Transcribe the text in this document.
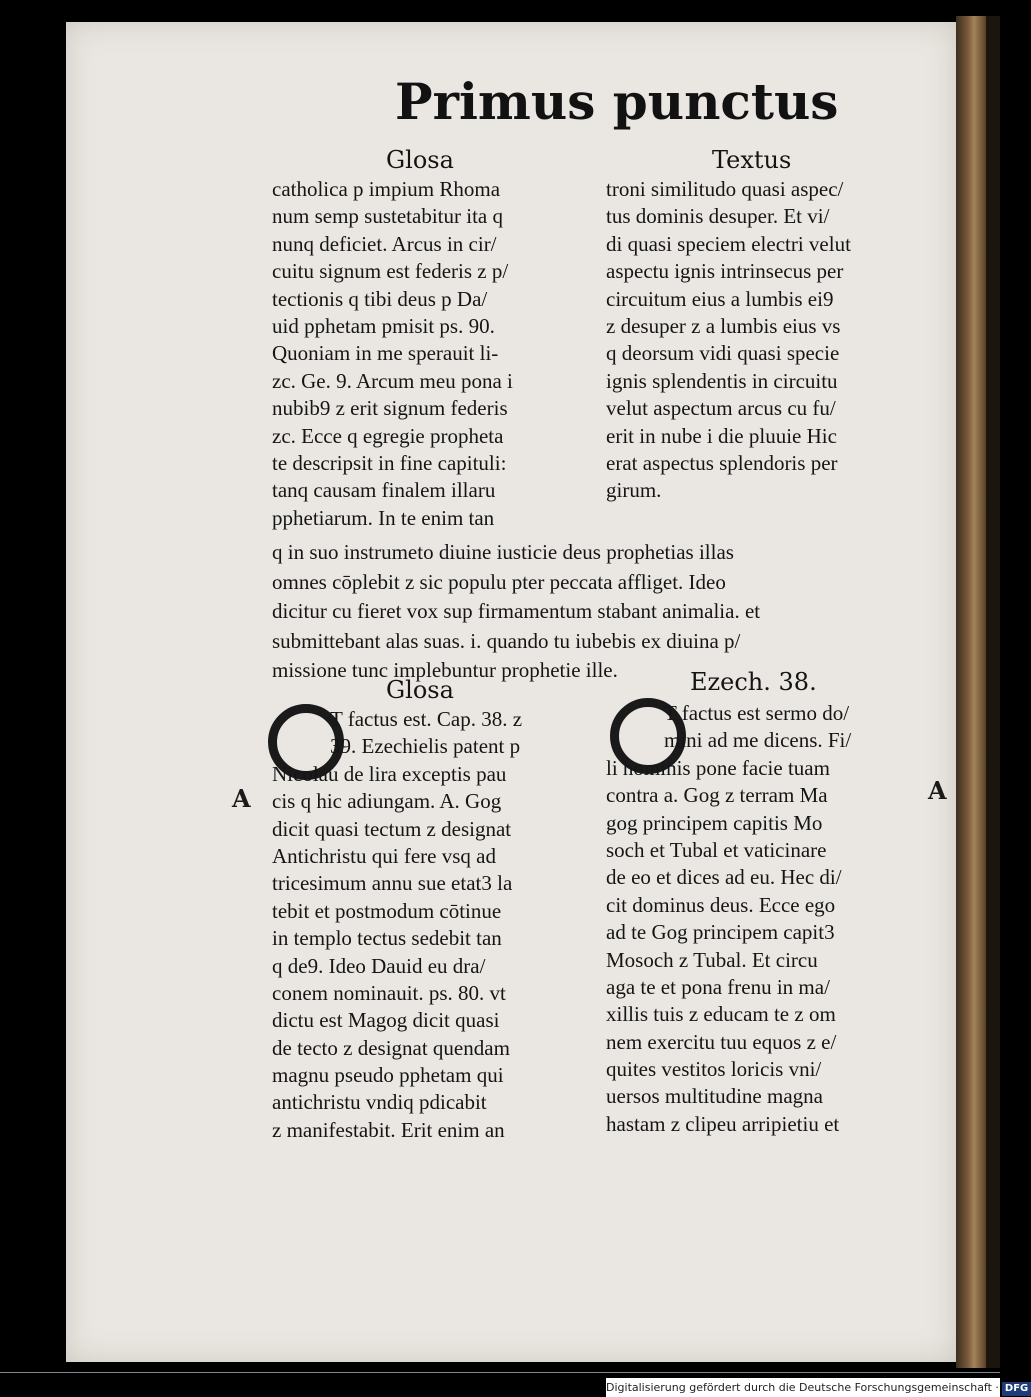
Primus punctus
Glosa	Textus
catholica p impium Rhoma
num semp sustetabitur ita q
nunq deficiet. Arcus in cir/
cuitu signum est federis z p/
tectionis q tibi deus p Da/
uid pphetam pmisit ps. 90.
Quoniam in me sperauit li-
zc. Ge. 9. Arcum meu pona i
nubib9 z erit signum federis
zc. Ecce q egregie propheta
te descripsit in fine capituli:
tanq causam finalem illaru
pphetiarum. In te enim tan
troni similitudo quasi aspec/
tus dominis desuper. Et vi/
di quasi speciem electri velut
aspectu ignis intrinsecus per
circuitum eius a lumbis ei9
z desuper z a lumbis eius vs
q deorsum vidi quasi specie
ignis splendentis in circuitu
velut aspectum arcus cu fu/
erit in nube i die pluuie Hic
erat aspectus splendoris per
girum.
q in suo instrumeto diuine iusticie deus prophetias illas
omnes cōplebit z sic populu pter peccata affliget. Ideo
dicitur cu fieret vox sup firmamentum stabant animalia. et
submittebant alas suas. i. quando tu iubebis ex diuina p/
missione tunc implebuntur prophetie ille.
Glosa	Ezech. 38.
A	A
T factus est. Cap. 38. z
39. Ezechielis patent p
Nicolau de lira exceptis pau
cis q hic adiungam. A. Gog
dicit quasi tectum z designat
Antichristu qui fere vsq ad
tricesimum annu sue etat3 la
tebit et postmodum cōtinue
in templo tectus sedebit tan
q de9. Ideo Dauid eu dra/
conem nominauit. ps. 80. vt
dictu est Magog dicit quasi
de tecto z designat quendam
magnu pseudo pphetam qui
antichristu vndiq pdicabit
z manifestabit. Erit enim an
T factus est sermo do/
mini ad me dicens. Fi/
li hominis pone facie tuam
contra a. Gog z terram Ma
gog principem capitis Mo
soch et Tubal et vaticinare
de eo et dices ad eu. Hec di/
cit dominus deus. Ecce ego
ad te Gog principem capit3
Mosoch z Tubal. Et circu
aga te et pona frenu in ma/
xillis tuis z educam te z om
nem exercitu tuu equos z e/
quites vestitos loricis vni/
uersos multitudine magna
hastam z clipeu arripietiu et
Digitalisierung gefördert durch die Deutsche Forschungsgemeinschaft · DFG
